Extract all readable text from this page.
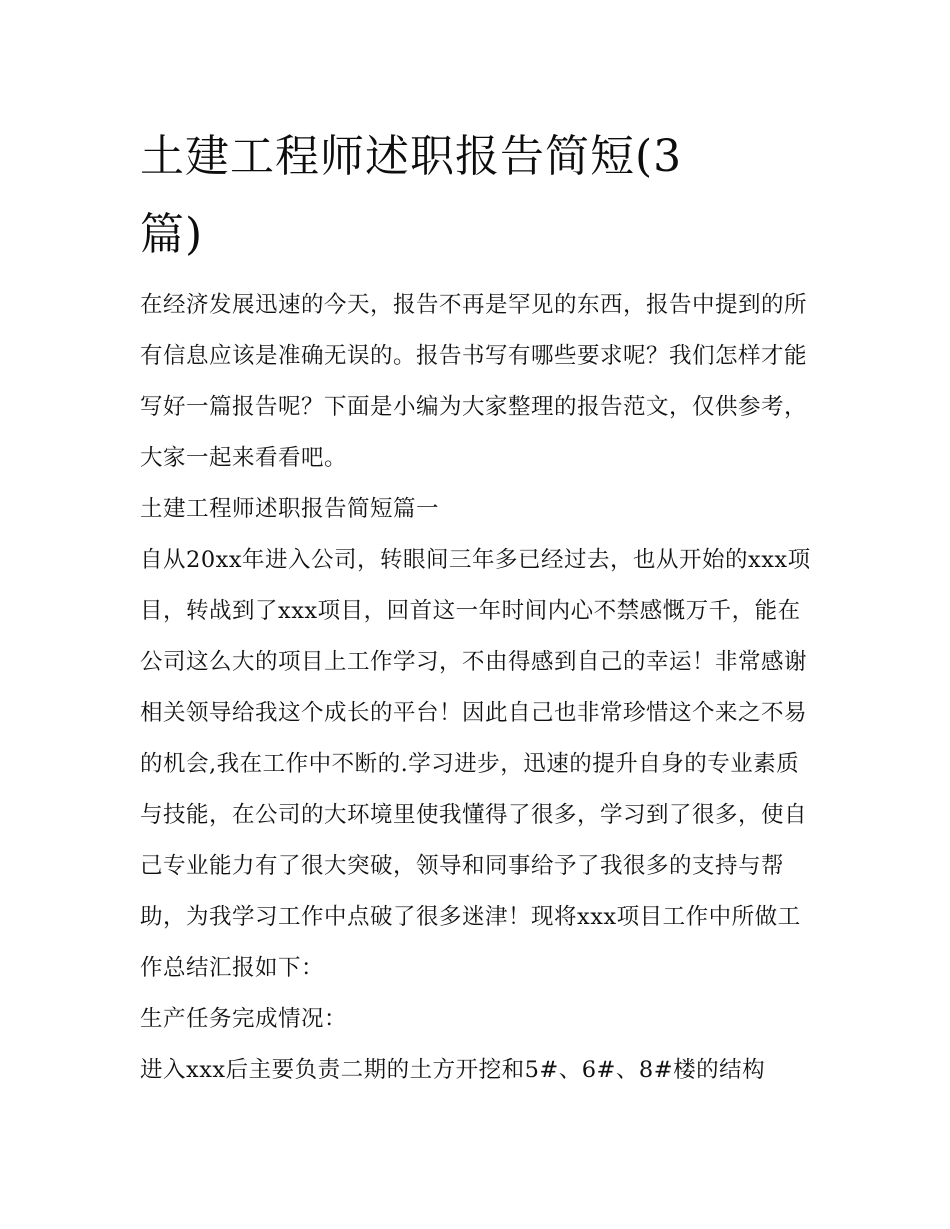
土建工程师述职报告简短(3
篇)

在经济发展迅速的今天，报告不再是罕见的东西，报告中提到的所有信息应该是准确无误的。报告书写有哪些要求呢？我们怎样才能写好一篇报告呢？下面是小编为大家整理的报告范文，仅供参考，大家一起来看看吧。

土建工程师述职报告简短篇一

自从20xx年进入公司，转眼间三年多已经过去，也从开始的xxx项目，转战到了xxx项目，回首这一年时间内心不禁感慨万千，能在公司这么大的项目上工作学习，不由得感到自己的幸运！非常感谢相关领导给我这个成长的平台！因此自己也非常珍惜这个来之不易的机会,我在工作中不断的.学习进步，迅速的提升自身的专业素质与技能，在公司的大环境里使我懂得了很多，学习到了很多，使自己专业能力有了很大突破，领导和同事给予了我很多的支持与帮助，为我学习工作中点破了很多迷津！现将xxx项目工作中所做工作总结汇报如下：

生产任务完成情况：

进入xxx后主要负责二期的土方开挖和5#、6#、8#楼的结构
